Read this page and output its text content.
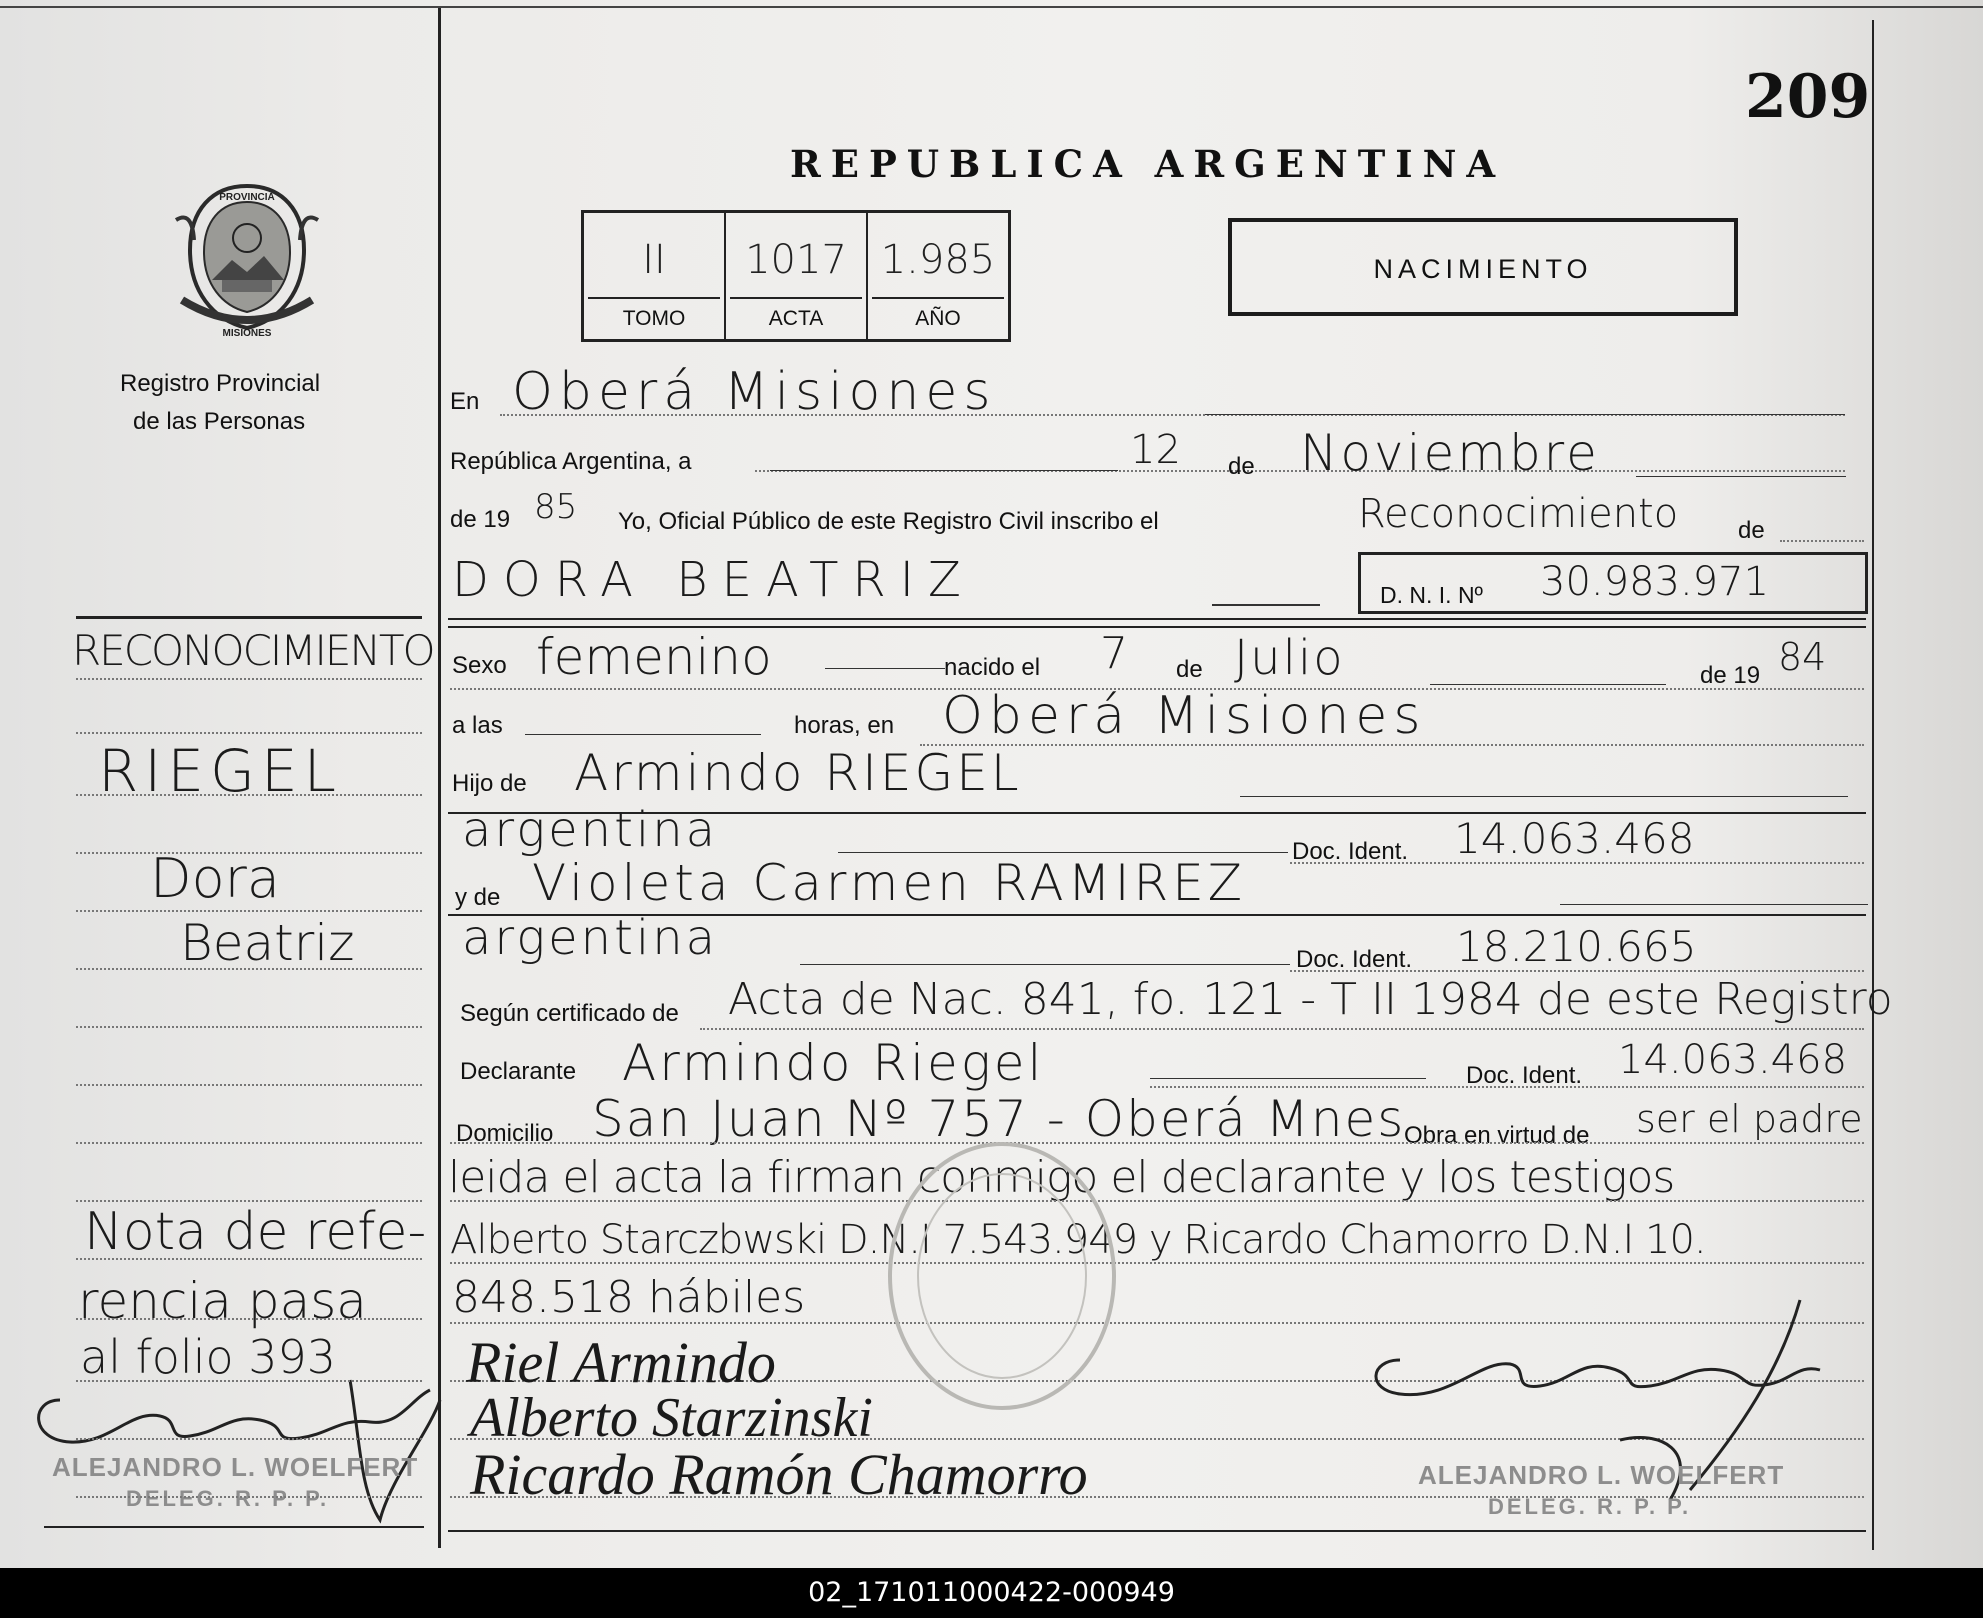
209
REPUBLICA ARGENTINA
PROVINCIA
MISIONES
Registro Provincial
de las Personas
II
TOMO
1017
ACTA
1.985
AÑO
NACIMIENTO
En Oberá Misiones
República Argentina, a	12 de Noviembre
de 19 85 Yo, Oficial Público de este Registro Civil inscribo el	Reconocimiento de
DORA BEATRIZ	D. N. I. Nº 30.983.971
Sexo femenino	nacido el 7 de Julio	de 19 84
a las	horas, en Oberá Misiones
Hijo de Armindo RIEGEL
argentina	Doc. Ident. 14.063.468
y de Violeta Carmen RAMIREZ
argentina	Doc. Ident. 18.210.665
Según certificado de Acta de Nac. 841, fo. 121 - T II 1984 de este Registro
Declarante Armindo Riegel	Doc. Ident. 14.063.468
Domicilio San Juan Nº 757 - Oberá Mnes
Obra en virtud de ser el padre
leida el acta la firman conmigo el declarante y los testigos
Alberto Starczbwski D.N.I 7.543.949 y Ricardo Chamorro D.N.I 10.
848.518 hábiles
Riel Armindo
Alberto Starzinski
Ricardo Ramón Chamorro
ALEJANDRO L. WOELFERT
DELEG. R. P. P.
ALEJANDRO L. WOELFERT
DELEG. R. P. P.
RECONOCIMIENTO
RIEGEL
Dora
Beatriz
Nota de refe-
rencia pasa
al folio 393
02_171011000422-000949
